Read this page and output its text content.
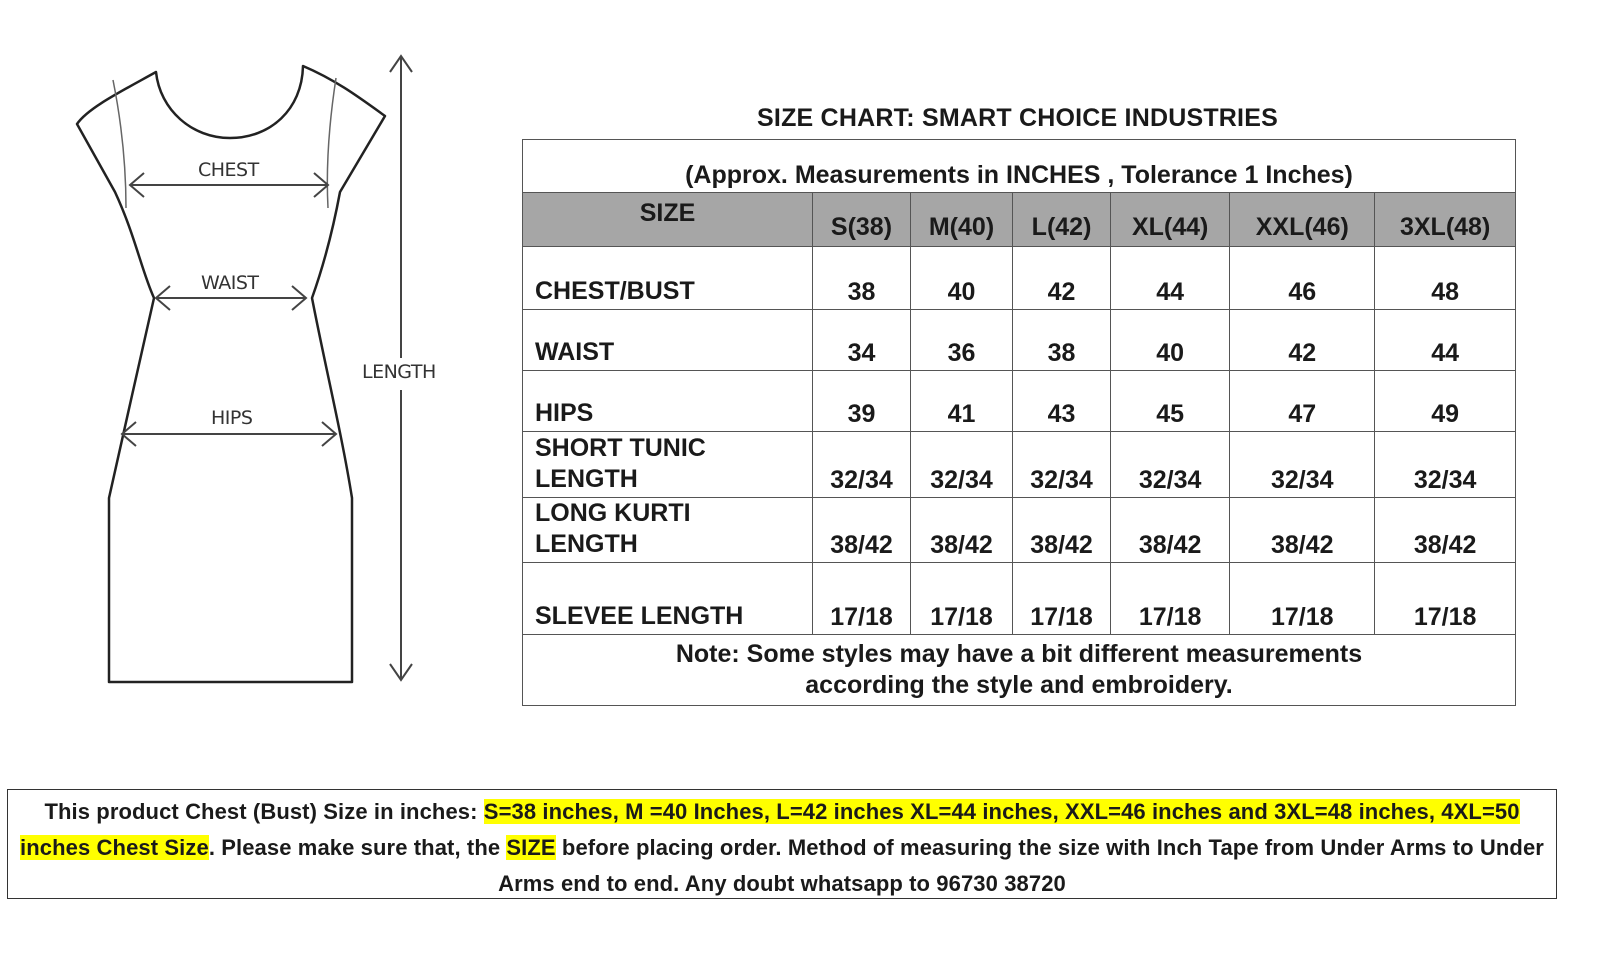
CHEST
WAIST
HIPS
LENGTH
SIZE CHART: SMART CHOICE INDUSTRIES
(Approx. Measurements in INCHES , Tolerance 1 Inches)						
SIZE	S(38)	M(40)	L(42)	XL(44)	XXL(46)	3XL(48)
CHEST/BUST	38	40	42	44	46	48
WAIST	34	36	38	40	42	44
HIPS	39	41	43	45	47	49
SHORT TUNIC
LENGTH	32/34	32/34	32/34	32/34	32/34	32/34
LONG KURTI
LENGTH	38/42	38/42	38/42	38/42	38/42	38/42
SLEVEE LENGTH	17/18	17/18	17/18	17/18	17/18	17/18
Note: Some styles may have a bit different measurements
according the style and embroidery.						
This product Chest (Bust) Size in inches: S=38 inches, M =40 Inches, L=42 inches XL=44 inches, XXL=46 inches and 3XL=48 inches, 4XL=50 inches Chest Size. Please make sure that, the SIZE before placing order. Method of measuring the size with Inch Tape from Under Arms to Under Arms end to end. Any doubt whatsapp to 96730 38720
